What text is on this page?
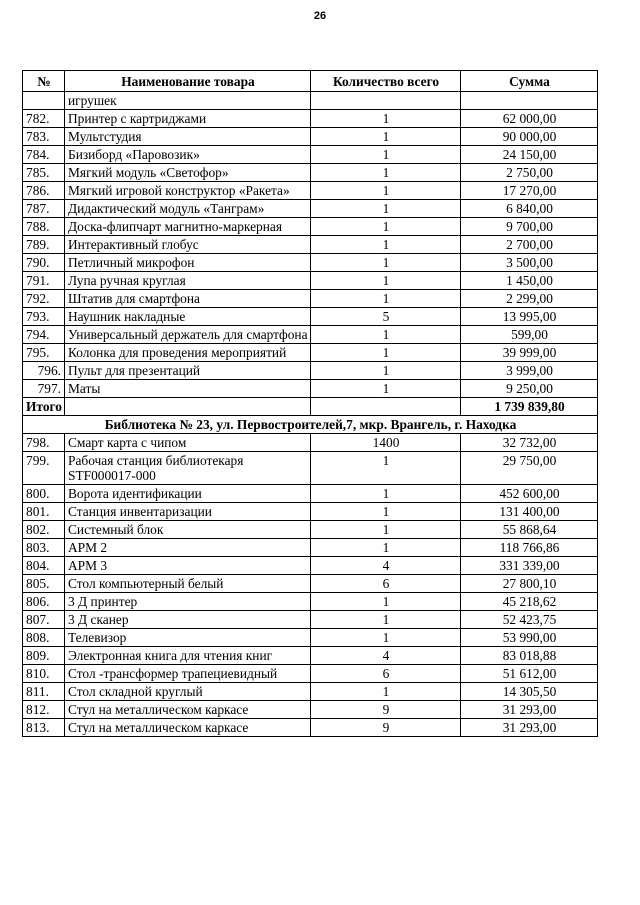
26
№	Наименование товара	Количество всего	Сумма
	игрушек		
782.	Принтер с картриджами	1	62 000,00
783.	Мультстудия	1	90 000,00
784.	Бизиборд «Паровозик»	1	24 150,00
785.	Мягкий модуль «Светофор»	1	2 750,00
786.	Мягкий игровой конструктор «Ракета»	1	17 270,00
787.	Дидактический модуль «Танграм»	1	6 840,00
788.	Доска-флипчарт магнитно-маркерная	1	9 700,00
789.	Интерактивный глобус	1	2 700,00
790.	Петличный микрофон	1	3 500,00
791.	Лупа ручная круглая	1	1 450,00
792.	Штатив для смартфона	1	2 299,00
793.	Наушник накладные	5	13 995,00
794.	Универсальный держатель для смартфона	1	599,00
795.	Колонка для проведения мероприятий	1	39 999,00
796.	Пульт для презентаций	1	3 999,00
797.	Маты	1	9 250,00
Итого			1 739 839,80
Библиотека № 23, ул. Первостроителей,7, мкр. Врангель, г. Находка			
798.	Смарт карта с чипом	1400	32 732,00
799.	Рабочая станция библиотекаря STF000017-000	1	29 750,00
800.	Ворота идентификации	1	452 600,00
801.	Станция инвентаризации	1	131 400,00
802.	Системный блок	1	55 868,64
803.	АРМ 2	1	118 766,86
804.	АРМ 3	4	331 339,00
805.	Стол компьютерный белый	6	27 800,10
806.	3 Д принтер	1	45 218,62
807.	3 Д сканер	1	52 423,75
808.	Телевизор	1	53 990,00
809.	Электронная книга для чтения книг	4	83 018,88
810.	Стол -трансформер трапециевидный	6	51 612,00
811.	Стол складной круглый	1	14 305,50
812.	Стул на металлическом каркасе	9	31 293,00
813.	Стул на металлическом каркасе	9	31 293,00
